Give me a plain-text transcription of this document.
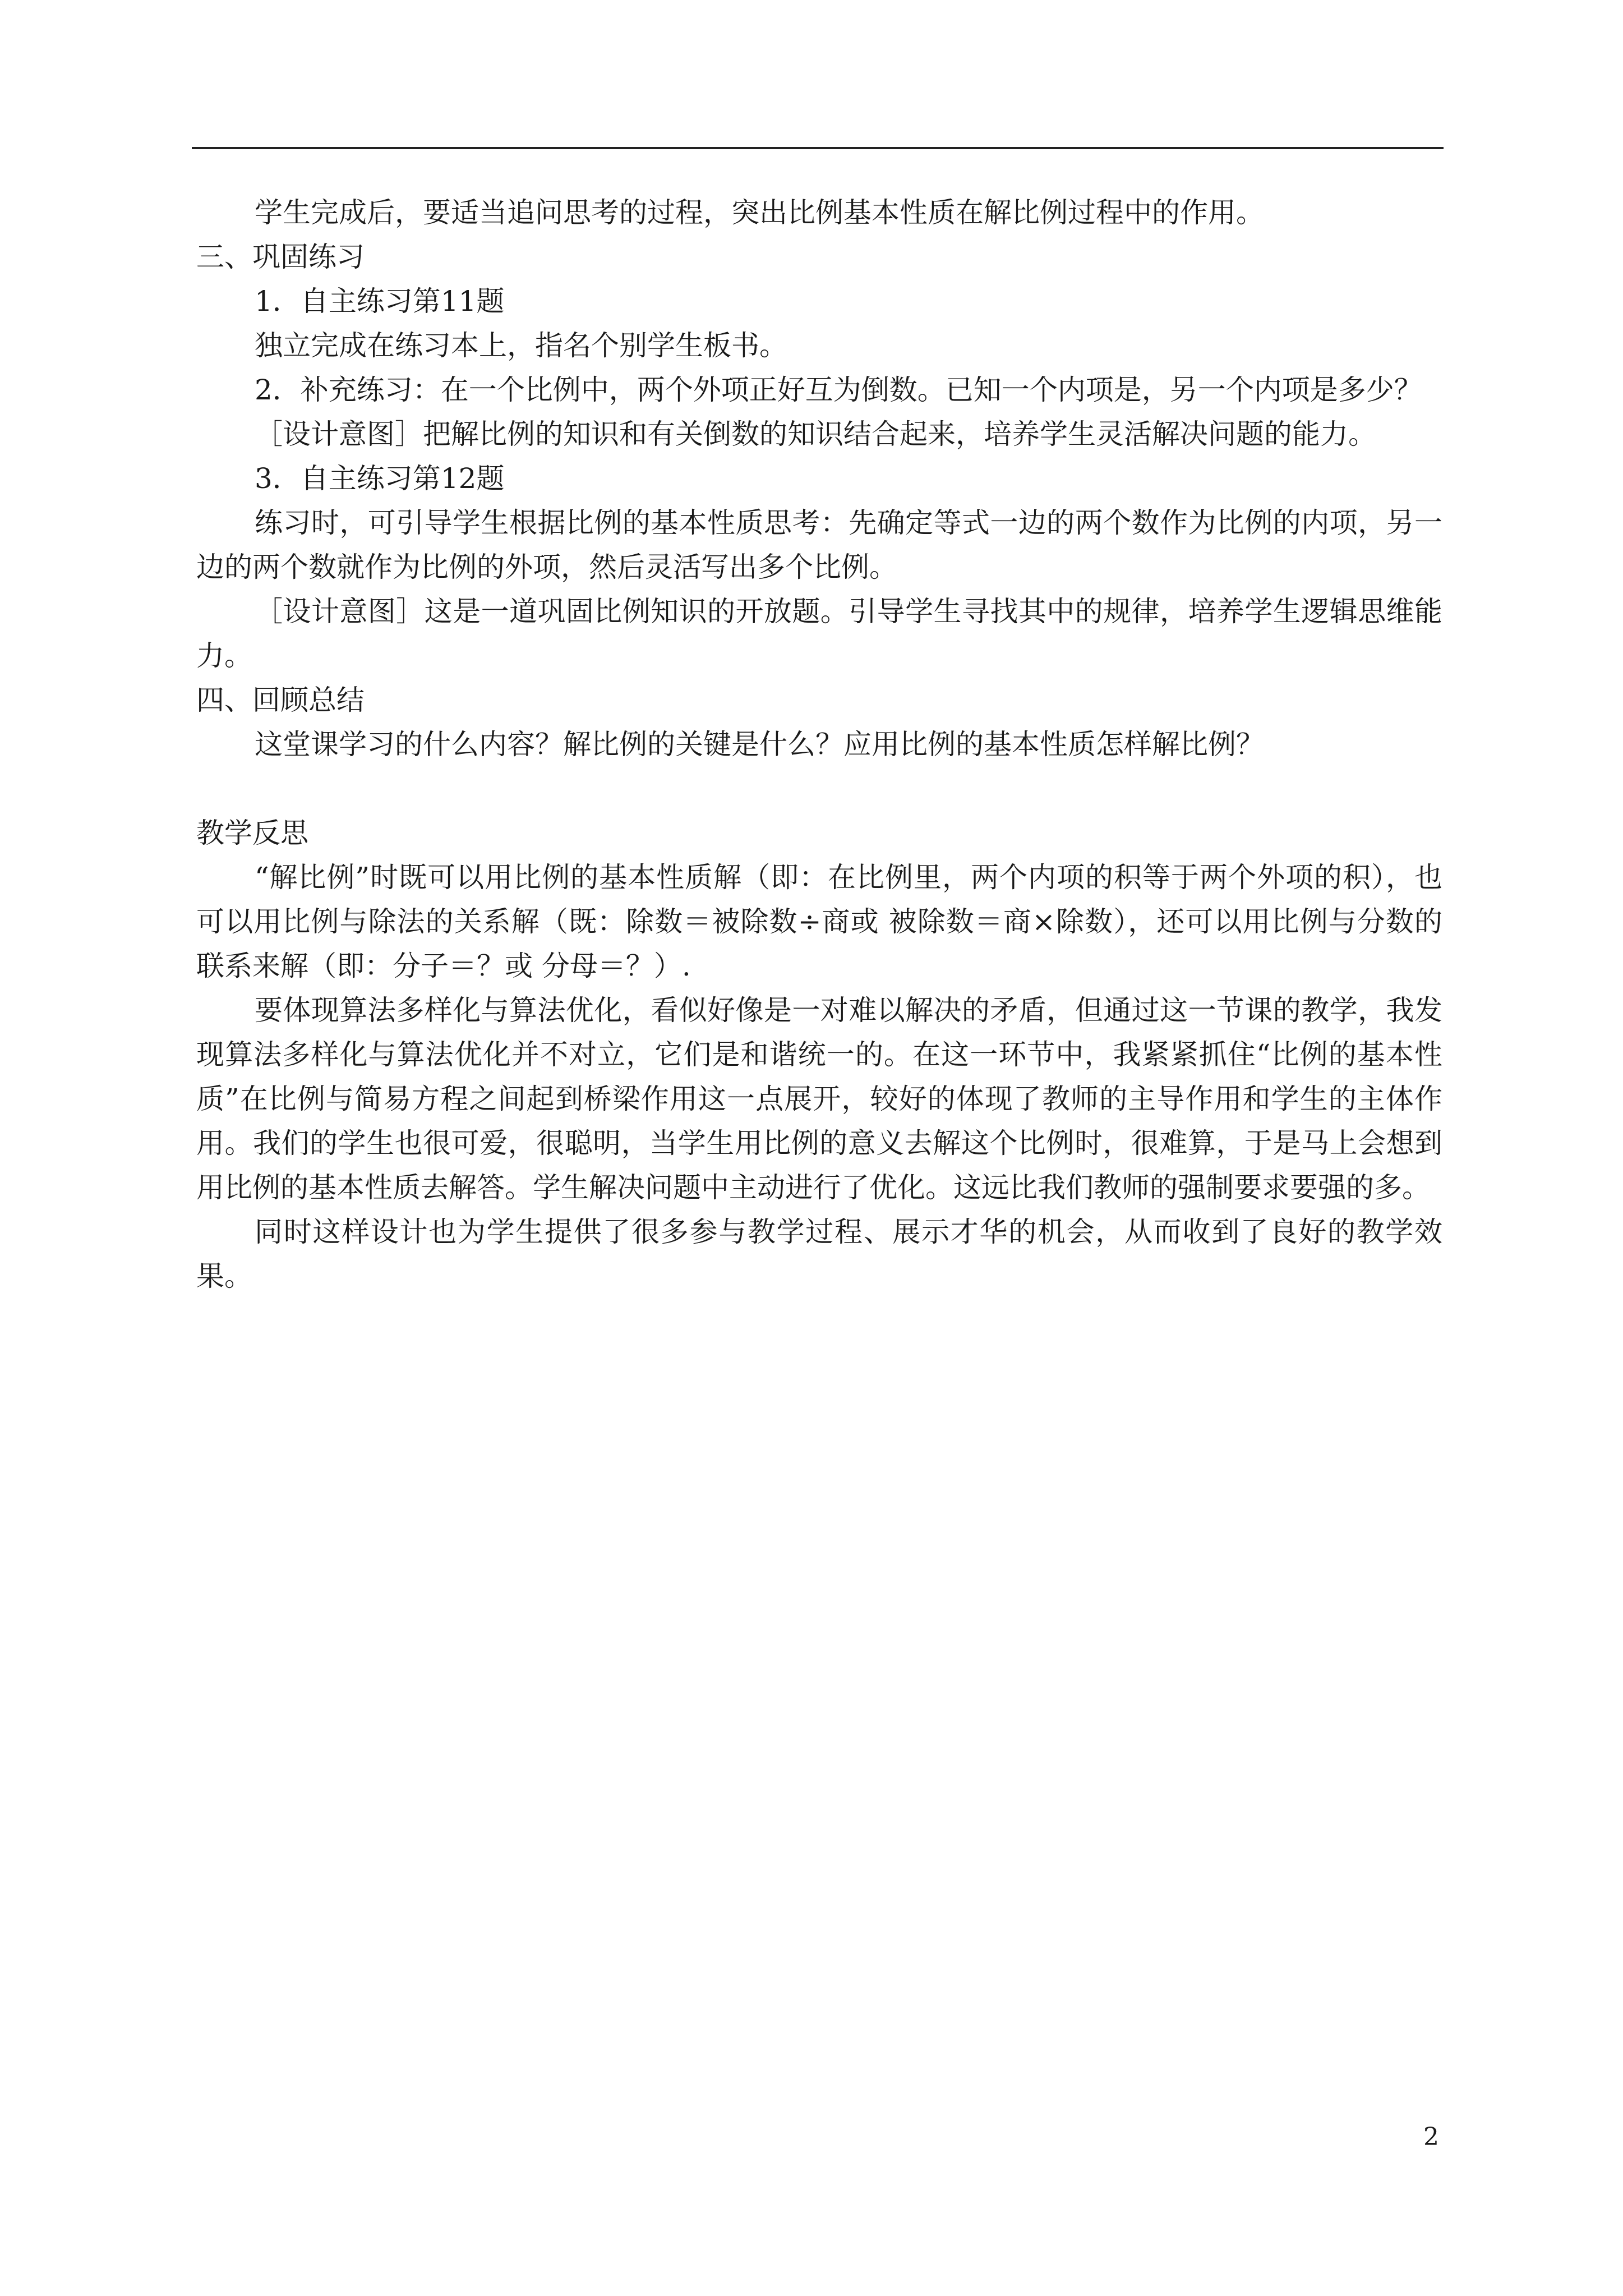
学生完成后，要适当追问思考的过程，突出比例基本性质在解比例过程中的作用。

三、巩固练习

1．自主练习第11题

独立完成在练习本上，指名个别学生板书。

2．补充练习：在一个比例中，两个外项正好互为倒数。已知一个内项是，另一个内项是多少？

［设计意图］把解比例的知识和有关倒数的知识结合起来，培养学生灵活解决问题的能力。

3．自主练习第12题

练习时，可引导学生根据比例的基本性质思考：先确定等式一边的两个数作为比例的内项，另一边的两个数就作为比例的外项，然后灵活写出多个比例。

［设计意图］这是一道巩固比例知识的开放题。引导学生寻找其中的规律，培养学生逻辑思维能力。

四、回顾总结

这堂课学习的什么内容？解比例的关键是什么？应用比例的基本性质怎样解比例？

教学反思

“解比例”时既可以用比例的基本性质解（即：在比例里，两个内项的积等于两个外项的积），也可以用比例与除法的关系解（既：除数＝被除数÷商或 被除数＝商×除数），还可以用比例与分数的联系来解（即：分子＝？或 分母＝？）.

要体现算法多样化与算法优化，看似好像是一对难以解决的矛盾，但通过这一节课的教学，我发现算法多样化与算法优化并不对立，它们是和谐统一的。在这一环节中，我紧紧抓住“比例的基本性质”在比例与简易方程之间起到桥梁作用这一点展开，较好的体现了教师的主导作用和学生的主体作用。我们的学生也很可爱，很聪明，当学生用比例的意义去解这个比例时，很难算，于是马上会想到用比例的基本性质去解答。学生解决问题中主动进行了优化。这远比我们教师的强制要求要强的多。

同时这样设计也为学生提供了很多参与教学过程、展示才华的机会，从而收到了良好的教学效果。

2
